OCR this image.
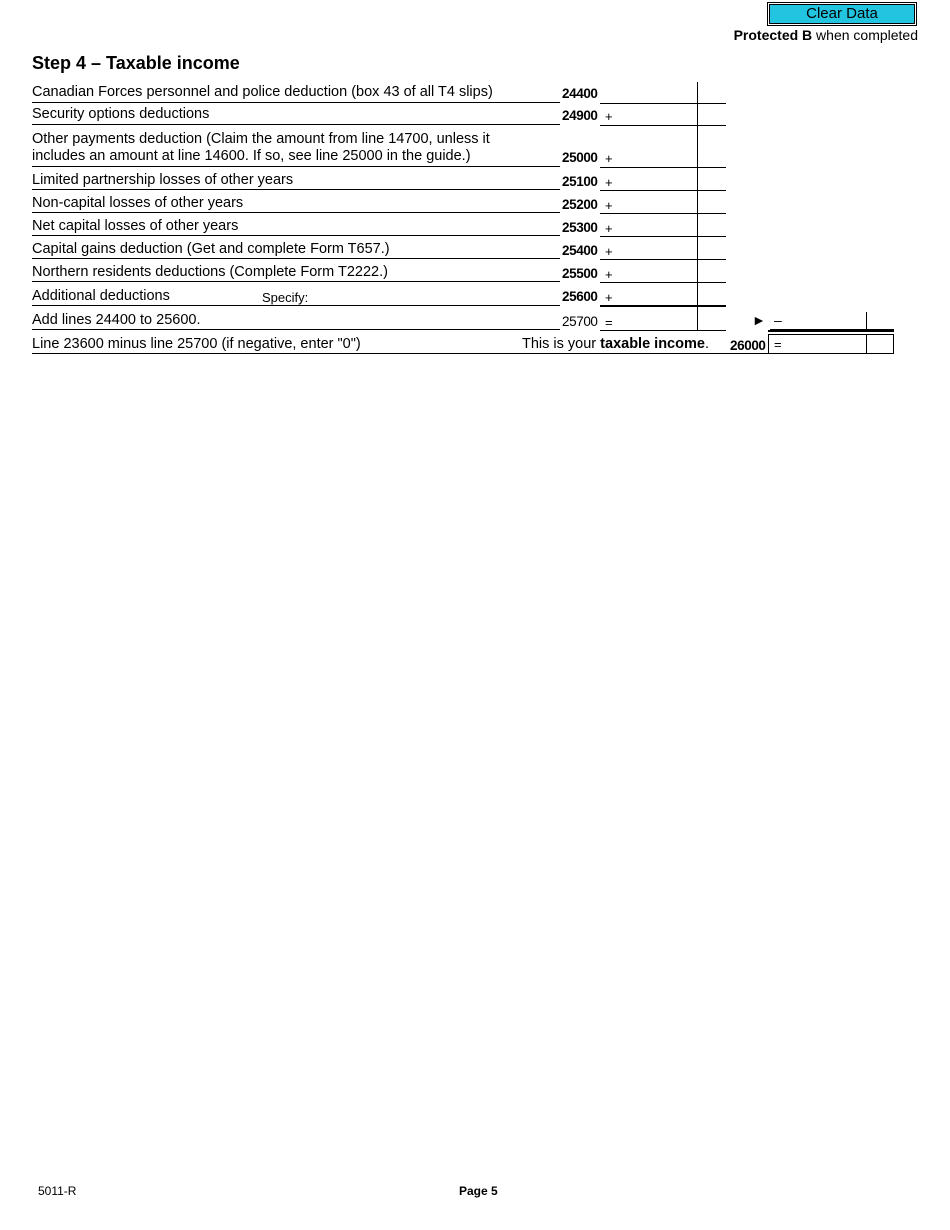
Clear Data
Protected B when completed
Step 4 – Taxable income
Canadian Forces personnel and police deduction (box 43 of all T4 slips)	24400
Security options deductions	24900 +
Other payments deduction (Claim the amount from line 14700, unless it
includes an amount at line 14600. If so, see line 25000 in the guide.)	25000 +
Limited partnership losses of other years	25100 +
Non-capital losses of other years	25200 +
Net capital losses of other years	25300 +
Capital gains deduction (Get and complete Form T657.)	25400 +
Northern residents deductions (Complete Form T2222.)	25500 +
Additional deductions	Specify:	25600 +
Add lines 24400 to 25600.	25700 =	► –
Line 23600 minus line 25700 (if negative, enter "0")	This is your taxable income. 26000 =
5011-R	Page 5
